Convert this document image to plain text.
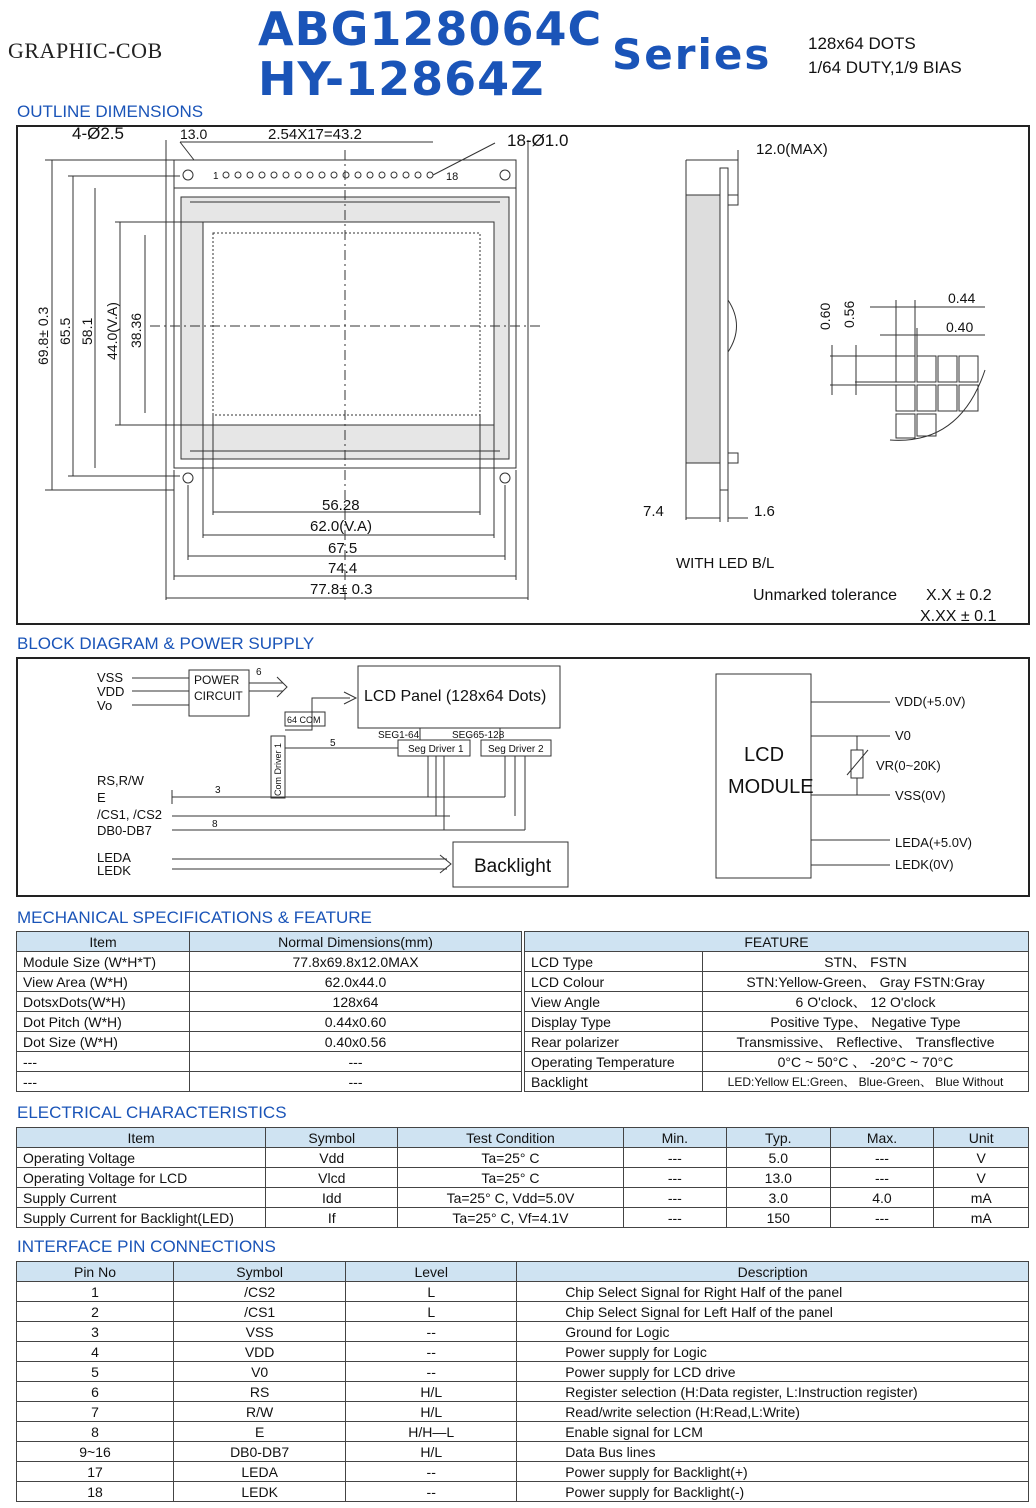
GRAPHIC-COB ABG128064C
HY-12864Z Series 128x64 DOTS
1/64 DUTY,1/9 BIAS
OUTLINE DIMENSIONS
4-Ø2.5	13.0	2.54X17=43.2	18-Ø1.0
1	18
69.8± 0.3 65.5 58.1 44.0(V.A) 38.36
56.28
62.0(V.A)
67.5
74.4
77.8± 0.3
12.0(MAX)
7.4	1.6
WITH LED B/L
0.60 0.56
0.44
0.40
Unmarked tolerance X.X ± 0.2
X.XX ± 0.1
BLOCK DIAGRAM & POWER SUPPLY
VSS
VDD
Vo
POWER
CIRCUIT
6
LCD Panel (128x64 Dots)
64 COM
Com Driver 1	5
SEG1-64	SEG65-128
Seg Driver 1 Seg Driver 2
RS,R/W
E
/CS1, /CS2
DB0-DB7
3
8
LEDA
LEDK	Backlight
LCD
MODULE
VDD(+5.0V)
V0
VR(0~20K)
VSS(0V)
LEDA(+5.0V)
LEDK(0V)
MECHANICAL SPECIFICATIONS & FEATURE
Item	Normal Dimensions(mm)
Module Size (W*H*T)	77.8x69.8x12.0MAX
View Area (W*H)	62.0x44.0
DotsxDots(W*H)	128x64
Dot Pitch (W*H)	0.44x0.60
Dot Size (W*H)	0.40x0.56
---	---
---	---
FEATURE	
LCD Type	STN、 FSTN
LCD Colour	STN:Yellow-Green、 Gray FSTN:Gray
View Angle	6 O'clock、 12 O'clock
Display Type	Positive Type、 Negative Type
Rear polarizer	Transmissive、 Reflective、 Transflective
Operating Temperature	0°C ~ 50°C 、 -20°C ~ 70°C
Backlight	LED:Yellow EL:Green、 Blue-Green、 Blue Without
ELECTRICAL CHARACTERISTICS
Item	Symbol	Test Condition	Min.	Typ.	Max.	Unit
Operating Voltage	Vdd	Ta=25° C	---	5.0	---	V
Operating Voltage for LCD	Vlcd	Ta=25° C	---	13.0	---	V
Supply Current	Idd	Ta=25° C, Vdd=5.0V	---	3.0	4.0	mA
Supply Current for Backlight(LED)	If	Ta=25° C, Vf=4.1V	---	150	---	mA
INTERFACE PIN CONNECTIONS
Pin No	Symbol	Level	Description
1	/CS2	L	Chip Select Signal for Right Half of the panel
2	/CS1	L	Chip Select Signal for Left Half of the panel
3	VSS	--	Ground for Logic
4	VDD	--	Power supply for Logic
5	V0	--	Power supply for LCD drive
6	RS	H/L	Register selection (H:Data register, L:Instruction register)
7	R/W	H/L	Read/write selection (H:Read,L:Write)
8	E	H/H—L	Enable signal for LCM
9~16	DB0-DB7	H/L	Data Bus lines
17	LEDA	--	Power supply for Backlight(+)
18	LEDK	--	Power supply for Backlight(-)
